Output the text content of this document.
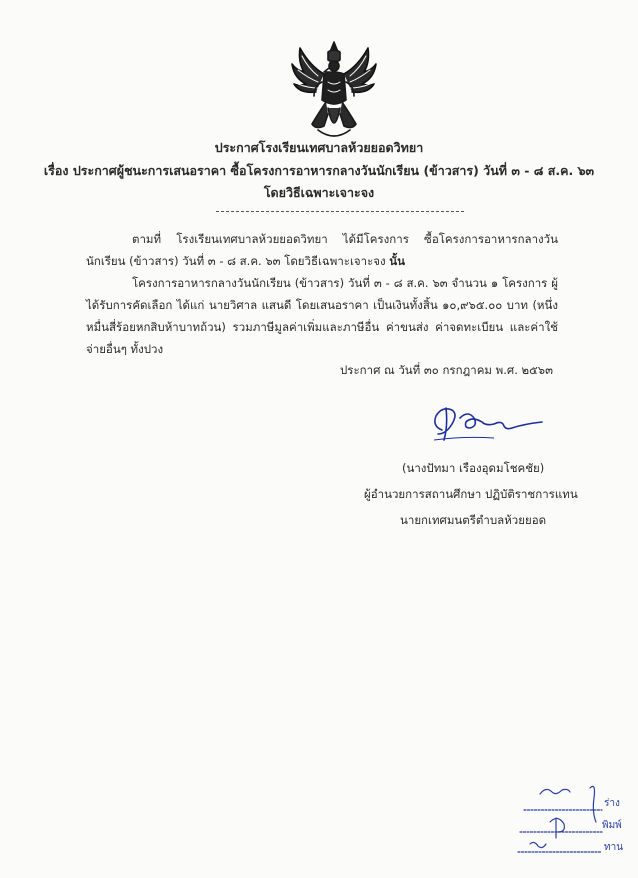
ประกาศโรงเรียนเทศบาลห้วยยอดวิทยา
เรื่อง ประกาศผู้ชนะการเสนอราคา ซื้อโครงการอาหารกลางวันนักเรียน (ข้าวสาร) วันที่ ๓ - ๘ ส.ค. ๖๓
โดยวิธีเฉพาะเจาะจง

ตามที่ โรงเรียนเทศบาลห้วยยอดวิทยา ได้มีโครงการ ซื้อโครงการอาหารกลางวันนักเรียน (ข้าวสาร) วันที่ ๓ - ๘ ส.ค. ๖๓ โดยวิธีเฉพาะเจาะจง นั้น

โครงการอาหารกลางวันนักเรียน (ข้าวสาร) วันที่ ๓ - ๘ ส.ค. ๖๓ จำนวน ๑ โครงการ ผู้ได้รับการคัดเลือก ได้แก่ นายวิศาล แสนดี โดยเสนอราคา เป็นเงินทั้งสิ้น ๑๐,๙๖๕.๐๐ บาท (หนึ่งหมื่นสี่ร้อยหกสิบห้าบาทถ้วน) รวมภาษีมูลค่าเพิ่มและภาษีอื่น ค่าขนส่ง ค่าจดทะเบียน และค่าใช้จ่ายอื่นๆ ทั้งปวง

ประกาศ ณ วันที่ ๓๐ กรกฎาคม พ.ศ. ๒๕๖๓
(นางปัทมา เรืองอุดมโชคชัย)
ผู้อำนวยการสถานศึกษา ปฏิบัติราชการแทน
นายกเทศมนตรีตำบลห้วยยอด
ร่าง
พิมพ์
ทาน
